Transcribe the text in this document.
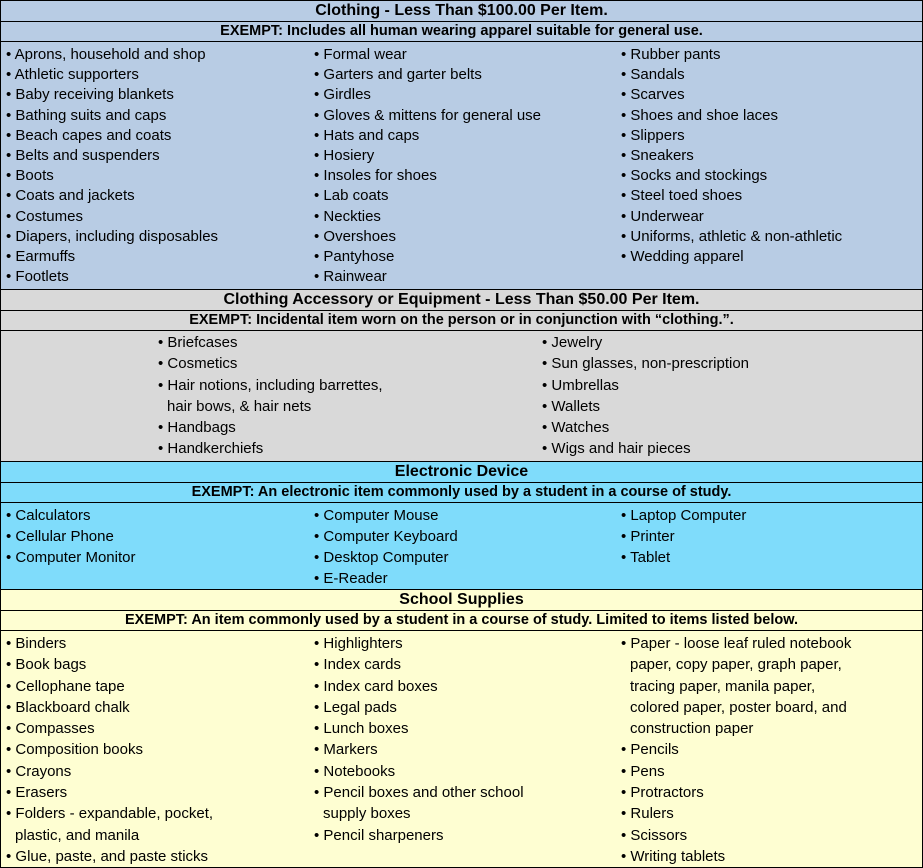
Clothing - Less Than $100.00 Per Item.
EXEMPT: Includes all human wearing apparel suitable for general use.
• Aprons, household and shop
• Athletic supporters
• Baby receiving blankets
• Bathing suits and caps
• Beach capes and coats
• Belts and suspenders
• Boots
• Coats and jackets
• Costumes
• Diapers, including disposables
• Earmuffs
• Footlets
• Formal wear
• Garters and garter belts
• Girdles
• Gloves & mittens for general use
• Hats and caps
• Hosiery
• Insoles for shoes
• Lab coats
• Neckties
• Overshoes
• Pantyhose
• Rainwear
• Rubber pants
• Sandals
• Scarves
• Shoes and shoe laces
• Slippers
• Sneakers
• Socks and stockings
• Steel toed shoes
• Underwear
• Uniforms, athletic & non-athletic
• Wedding apparel
Clothing Accessory or Equipment - Less Than $50.00 Per Item.
EXEMPT: Incidental item worn on the person or in conjunction with “clothing.”.
• Briefcases
• Cosmetics
• Hair notions, including barrettes,
hair bows, & hair nets
• Handbags
• Handkerchiefs
• Jewelry
• Sun glasses, non-prescription
• Umbrellas
• Wallets
• Watches
• Wigs and hair pieces
Electronic Device
EXEMPT: An electronic item commonly used by a student in a course of study.
• Calculators
• Cellular Phone
• Computer Monitor
• Computer Mouse
• Computer Keyboard
• Desktop Computer
• E-Reader
• Laptop Computer
• Printer
• Tablet
School Supplies
EXEMPT: An item commonly used by a student in a course of study. Limited to items listed below.
• Binders
• Book bags
• Cellophane tape
• Blackboard chalk
• Compasses
• Composition books
• Crayons
• Erasers
• Folders - expandable, pocket,
plastic, and manila
• Glue, paste, and paste sticks
• Highlighters
• Index cards
• Index card boxes
• Legal pads
• Lunch boxes
• Markers
• Notebooks
• Pencil boxes and other school
supply boxes
• Pencil sharpeners
• Paper - loose leaf ruled notebook
paper, copy paper, graph paper,
tracing paper, manila paper,
colored paper, poster board, and
construction paper
• Pencils
• Pens
• Protractors
• Rulers
• Scissors
• Writing tablets
